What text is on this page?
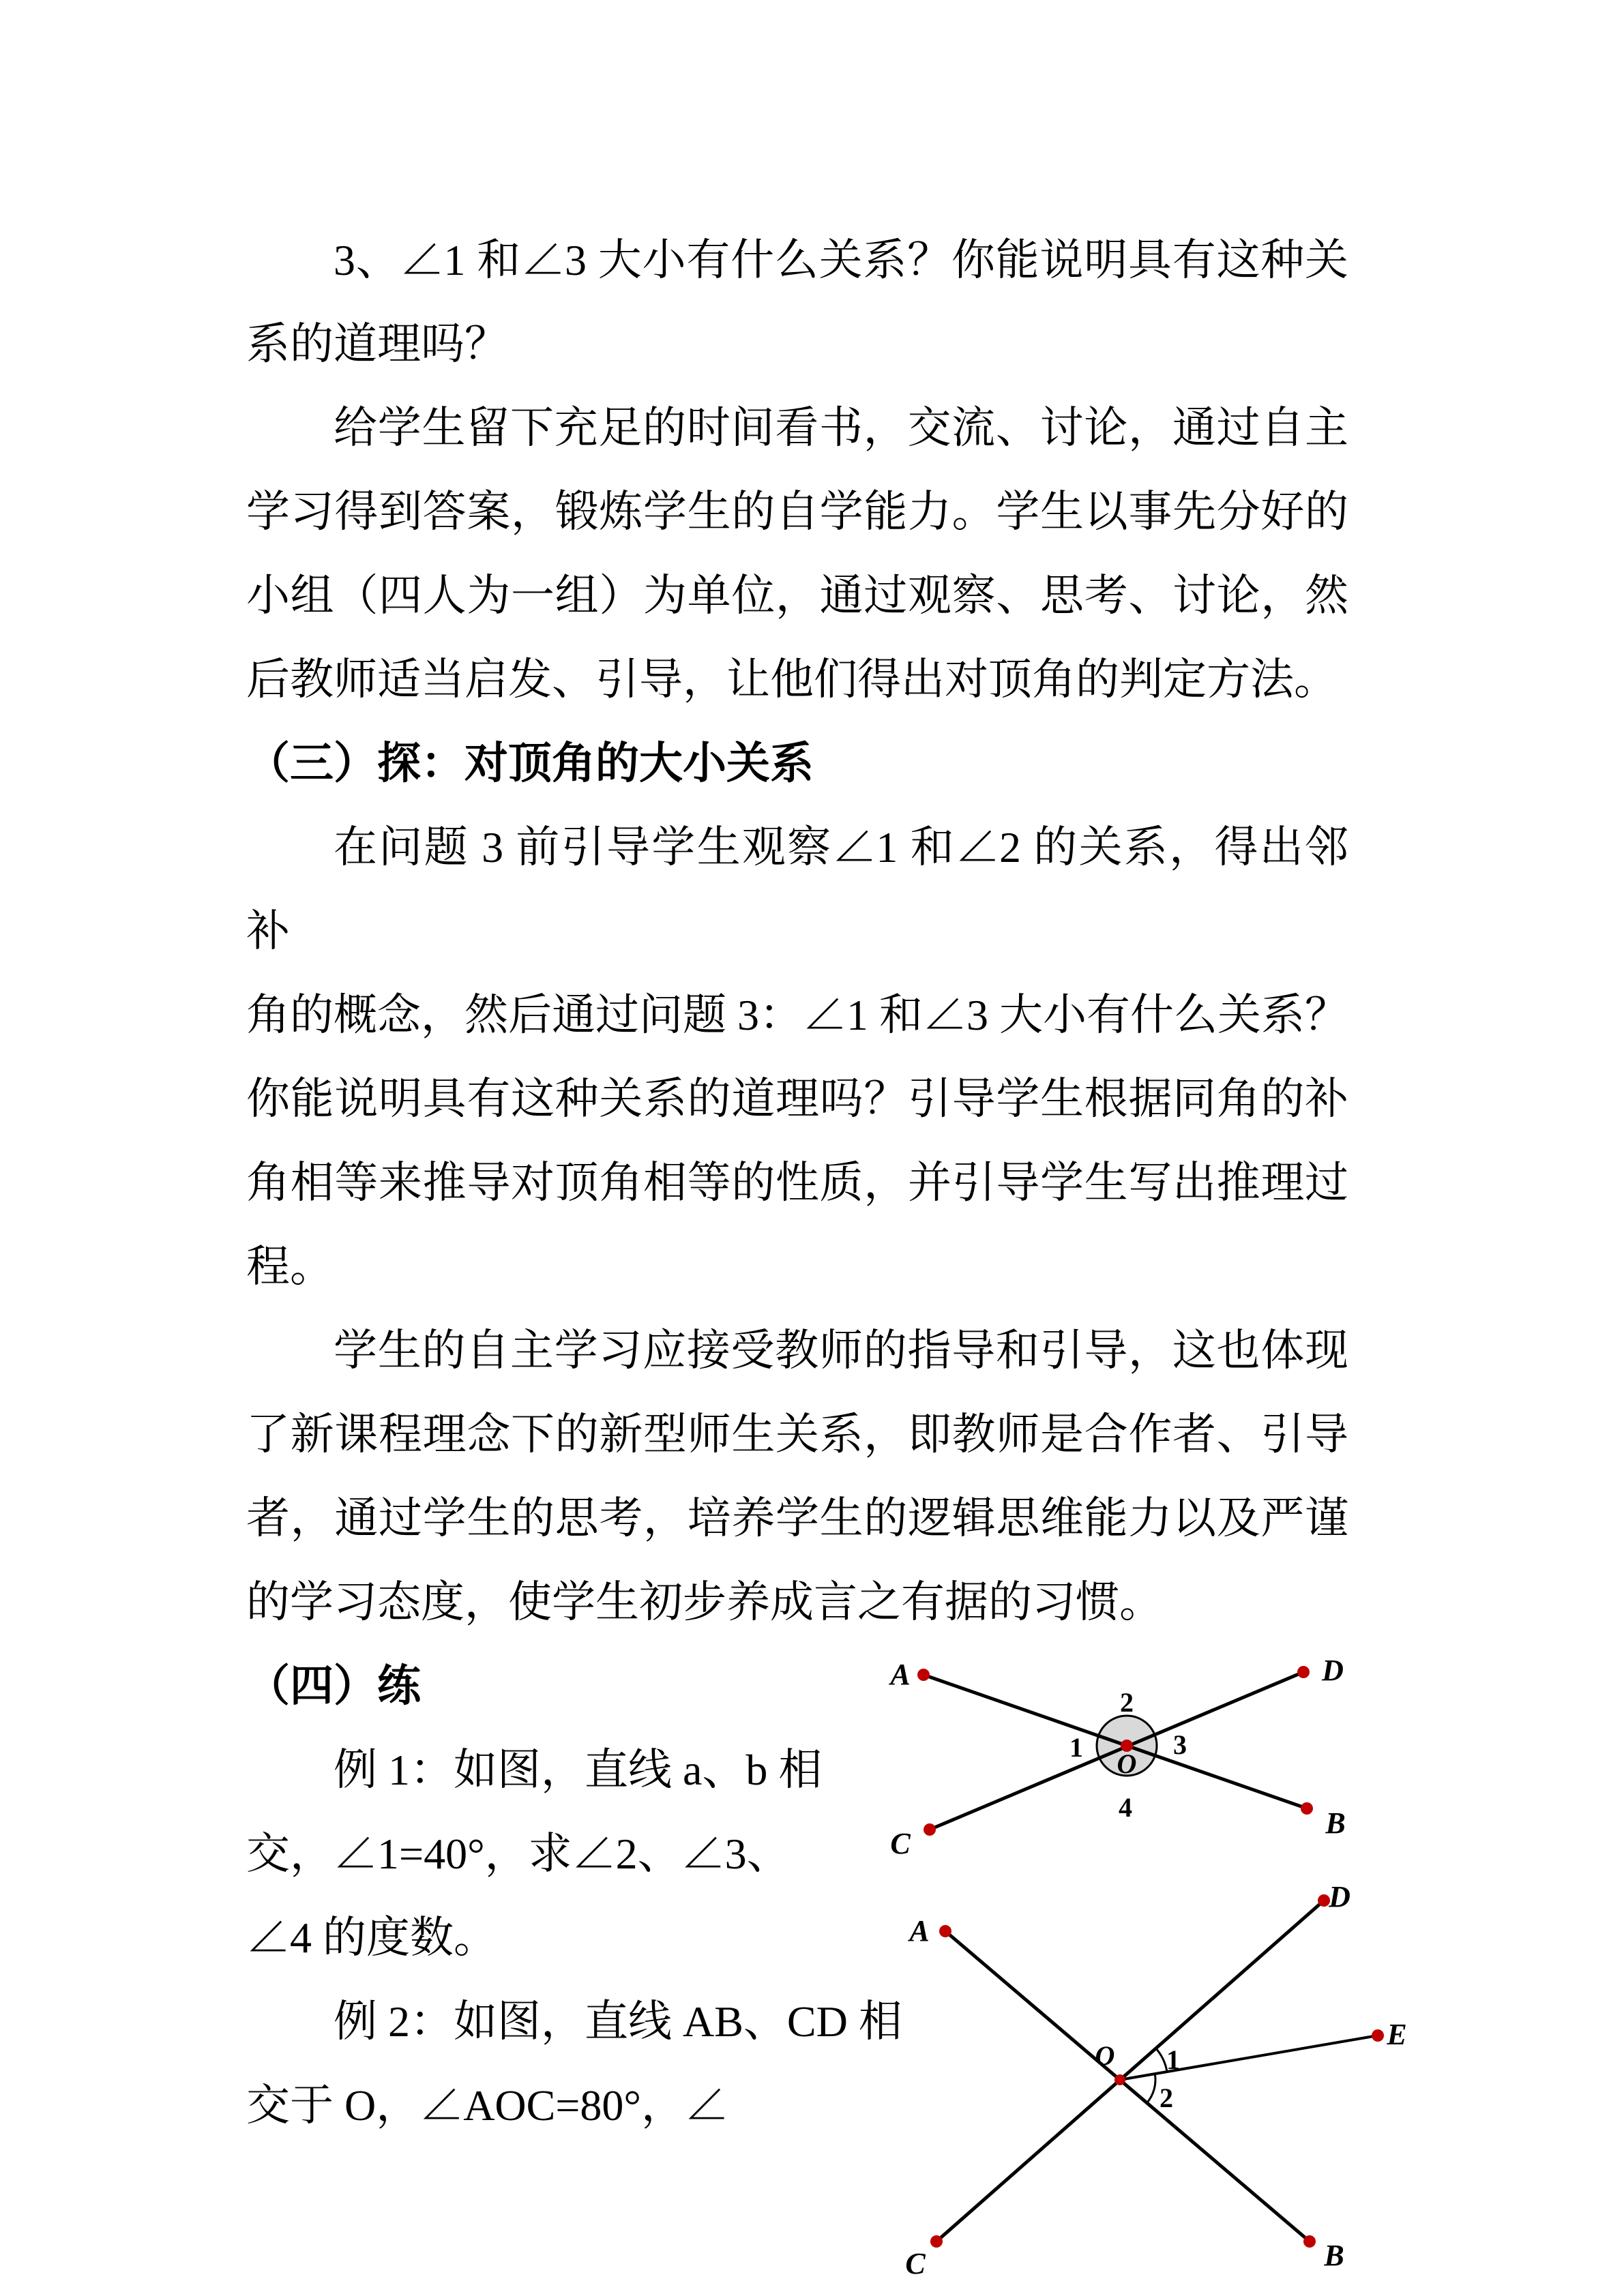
3、∠1 和∠3 大小有什么关系？你能说明具有这种关
系的道理吗？
给学生留下充足的时间看书，交流、讨论，通过自主
学习得到答案，锻炼学生的自学能力。学生以事先分好的
小组（四人为一组）为单位，通过观察、思考、讨论，然
后教师适当启发、引导，让他们得出对顶角的判定方法。
（三）探：对顶角的大小关系
在问题 3 前引导学生观察∠1 和∠2 的关系，得出邻补
角的概念，然后通过问题 3：∠1 和∠3 大小有什么关系？
你能说明具有这种关系的道理吗？引导学生根据同角的补
角相等来推导对顶角相等的性质，并引导学生写出推理过
程。
学生的自主学习应接受教师的指导和引导，这也体现
了新课程理念下的新型师生关系，即教师是合作者、引导
者，通过学生的思考，培养学生的逻辑思维能力以及严谨
的学习态度，使学生初步养成言之有据的习惯。
（四）练
例 1：如图，直线 a、b 相
交，∠1=40°，求∠2、∠3、
∠4 的度数。
例 2：如图，直线 AB、CD 相
交于 O，∠AOC=80°，∠
A	D
C
B
O
2
1	3
4
A
D
E
O
C	B
1
2
